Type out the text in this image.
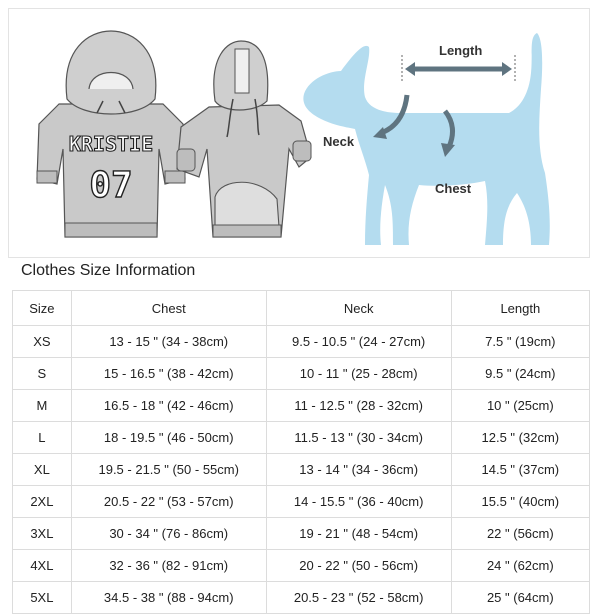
KRISTIE
07
Length
Neck
Chest
Clothes Size Information
Size	Chest	Neck	Length
XS	13 - 15 " (34 - 38cm)	9.5 - 10.5 " (24 - 27cm)	7.5 " (19cm)
S	15 - 16.5 " (38 - 42cm)	10 - 11 " (25 - 28cm)	9.5 " (24cm)
M	16.5 - 18 " (42 - 46cm)	11 - 12.5 " (28 - 32cm)	10 " (25cm)
L	18 - 19.5 " (46 - 50cm)	11.5 - 13 " (30 - 34cm)	12.5 " (32cm)
XL	19.5 - 21.5 " (50 - 55cm)	13 - 14 " (34 - 36cm)	14.5 " (37cm)
2XL	20.5 - 22 " (53 - 57cm)	14 - 15.5 " (36 - 40cm)	15.5 " (40cm)
3XL	30 - 34 " (76 - 86cm)	19 - 21 " (48 - 54cm)	22 " (56cm)
4XL	32 - 36 " (82 - 91cm)	20 - 22 " (50 - 56cm)	24 " (62cm)
5XL	34.5 - 38 " (88 - 94cm)	20.5 - 23 " (52 - 58cm)	25 " (64cm)
